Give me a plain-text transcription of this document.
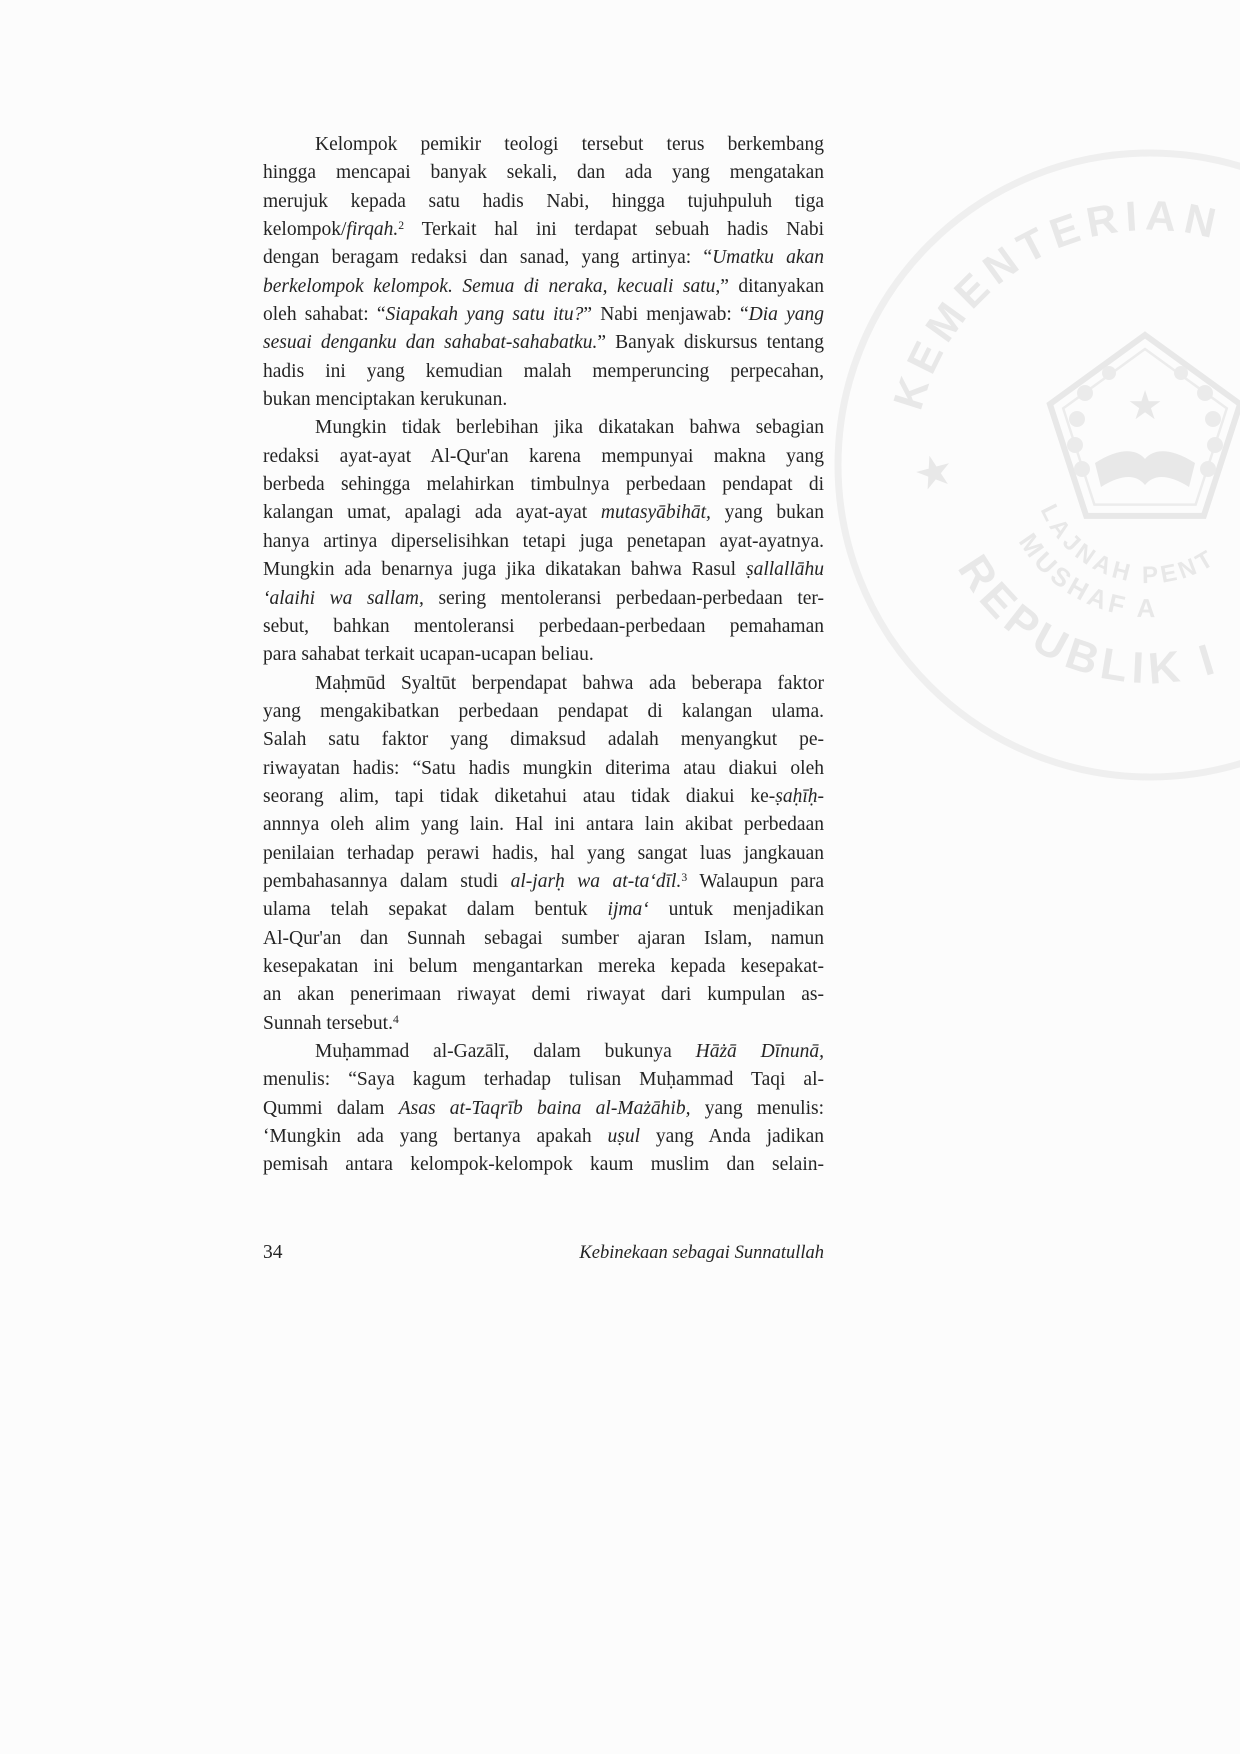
KEMENTERIAN
REPUBLIK I
LAJNAH PENT
MUSHAF A
★
★
Kelompok pemikir teologi tersebut terus berkembang
hingga mencapai banyak sekali, dan ada yang mengatakan
merujuk kepada satu hadis Nabi, hingga tujuhpuluh tiga
kelompok/firqah.$^2$ Terkait hal ini terdapat sebuah hadis Nabi
dengan beragam redaksi dan sanad, yang artinya: “Umatku akan
berkelompok kelompok. Semua di neraka, kecuali satu,” ditanyakan
oleh sahabat: “Siapakah yang satu itu?” Nabi menjawab: “Dia yang
sesuai denganku dan sahabat-sahabatku.” Banyak diskursus tentang
hadis ini yang kemudian malah memperuncing perpecahan,
bukan menciptakan kerukunan.
Mungkin tidak berlebihan jika dikatakan bahwa sebagian
redaksi ayat-ayat Al-Qur'an karena mempunyai makna yang
berbeda sehingga melahirkan timbulnya perbedaan pendapat di
kalangan umat, apalagi ada ayat-ayat mutasyābihāt, yang bukan
hanya artinya diperselisihkan tetapi juga penetapan ayat-ayatnya.
Mungkin ada benarnya juga jika dikatakan bahwa Rasul ṣallallāhu
‘alaihi wa sallam, sering mentoleransi perbedaan-perbedaan ter-
sebut, bahkan mentoleransi perbedaan-perbedaan pemahaman
para sahabat terkait ucapan-ucapan beliau.
Maḥmūd Syaltūt berpendapat bahwa ada beberapa faktor
yang mengakibatkan perbedaan pendapat di kalangan ulama.
Salah satu faktor yang dimaksud adalah menyangkut pe-
riwayatan hadis: “Satu hadis mungkin diterima atau diakui oleh
seorang alim, tapi tidak diketahui atau tidak diakui ke-ṣaḥīḥ-
annnya oleh alim yang lain. Hal ini antara lain akibat perbedaan
penilaian terhadap perawi hadis, hal yang sangat luas jangkauan
pembahasannya dalam studi al-jarḥ wa at-ta‘dīl.$^3$ Walaupun para
ulama telah sepakat dalam bentuk ijma‘ untuk menjadikan
Al-Qur'an dan Sunnah sebagai sumber ajaran Islam, namun
kesepakatan ini belum mengantarkan mereka kepada kesepakat-
an akan penerimaan riwayat demi riwayat dari kumpulan as-
Sunnah tersebut.$^4$
Muḥammad al-Gazālī, dalam bukunya Hāżā Dīnunā,
menulis: “Saya kagum terhadap tulisan Muḥammad Taqi al-
Qummi dalam Asas at-Taqrīb baina al-Mażāhib, yang menulis:
‘Mungkin ada yang bertanya apakah uṣul yang Anda jadikan
pemisah antara kelompok-kelompok kaum muslim dan selain-
34	Kebinekaan sebagai Sunnatullah
